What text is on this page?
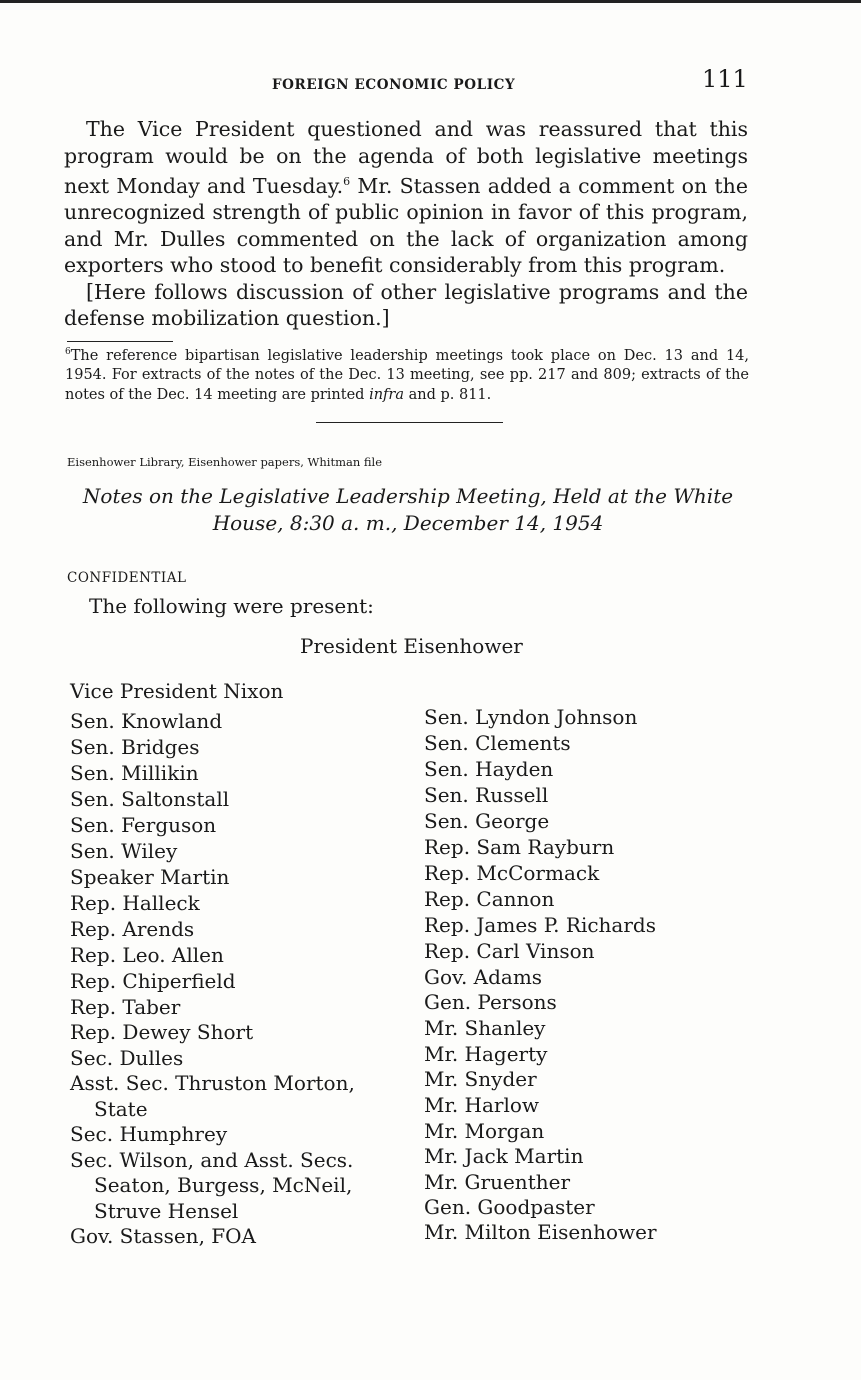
FOREIGN ECONOMIC POLICY	111

The Vice President questioned and was reassured that this program would be on the agenda of both legislative meetings next Monday and Tuesday.$^6$ Mr. Stassen added a comment on the unrecognized strength of public opinion in favor of this program, and Mr. Dulles commented on the lack of organization among exporters who stood to benefit considerably from this program.

[Here follows discussion of other legislative programs and the defense mobilization question.]

$^6$The reference bipartisan legislative leadership meetings took place on Dec. 13 and 14, 1954. For extracts of the notes of the Dec. 13 meeting, see pp. 217 and 809; extracts of the notes of the Dec. 14 meeting are printed infra and p. 811.
Eisenhower Library, Eisenhower papers, Whitman file
Notes on the Legislative Leadership Meeting, Held at the White
House, 8:30 a. m., December 14, 1954
CONFIDENTIAL
The following were present:
President Eisenhower
Vice President Nixon
Sen. Knowland
Sen. Bridges
Sen. Millikin
Sen. Saltonstall
Sen. Ferguson
Sen. Wiley
Speaker Martin
Rep. Halleck
Rep. Arends
Rep. Leo. Allen
Rep. Chiperfield
Rep. Taber
Rep. Dewey Short
Sec. Dulles
Asst. Sec. Thruston Morton,
State
Sec. Humphrey
Sec. Wilson, and Asst. Secs.
Seaton, Burgess, McNeil,
Struve Hensel
Gov. Stassen, FOA
Sen. Lyndon Johnson
Sen. Clements
Sen. Hayden
Sen. Russell
Sen. George
Rep. Sam Rayburn
Rep. McCormack
Rep. Cannon
Rep. James P. Richards
Rep. Carl Vinson
Gov. Adams
Gen. Persons
Mr. Shanley
Mr. Hagerty
Mr. Snyder
Mr. Harlow
Mr. Morgan
Mr. Jack Martin
Mr. Gruenther
Gen. Goodpaster
Mr. Milton Eisenhower
